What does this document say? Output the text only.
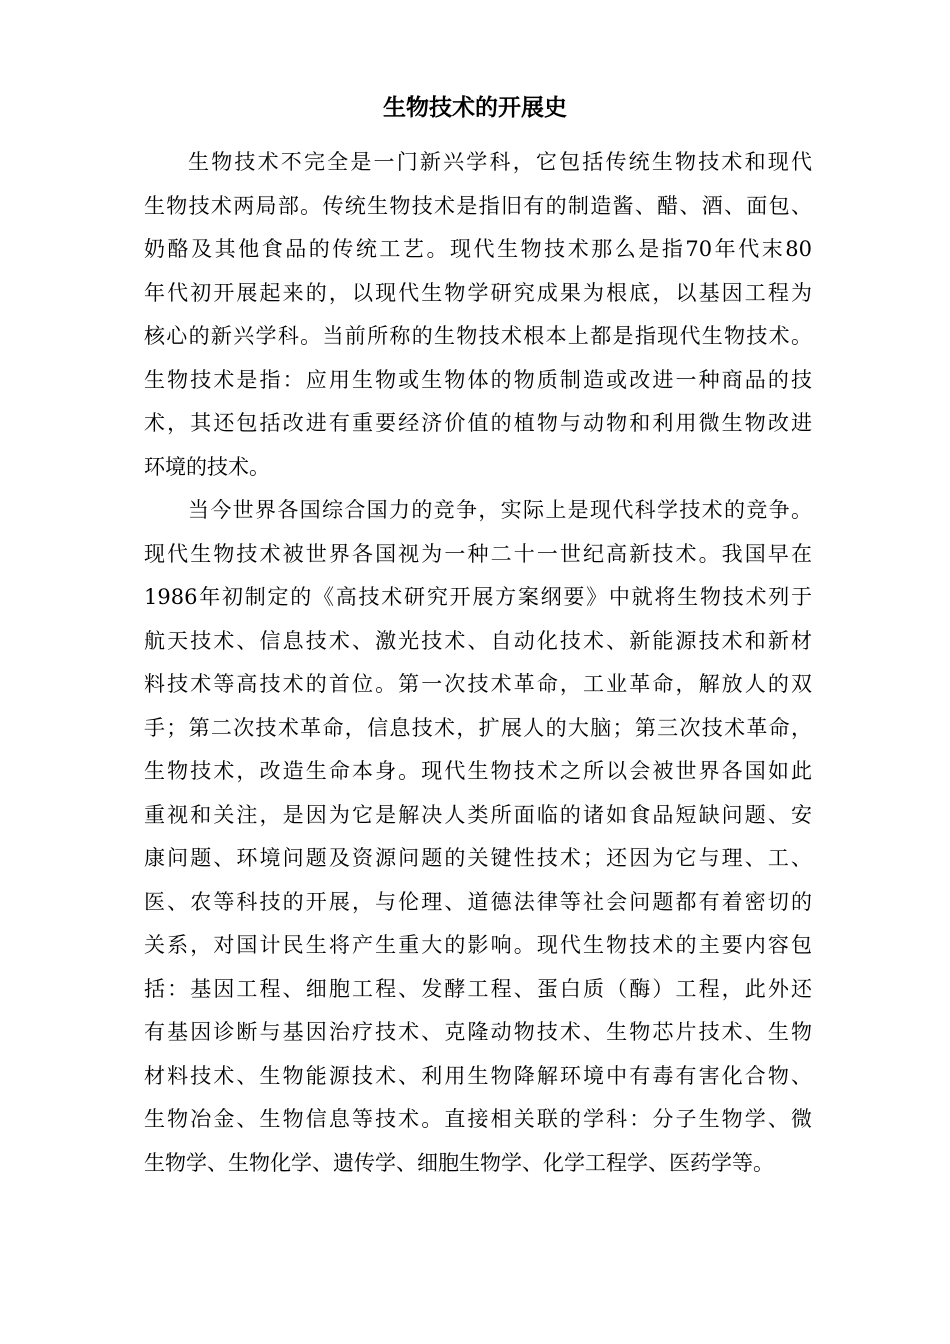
生物技术的开展史
生物技术不完全是一门新兴学科，它包括传统生物技术和现代
生物技术两局部。传统生物技术是指旧有的制造酱、醋、酒、面包、
奶酪及其他食品的传统工艺。现代生物技术那么是指70年代末80
年代初开展起来的，以现代生物学研究成果为根底，以基因工程为
核心的新兴学科。当前所称的生物技术根本上都是指现代生物技术。
生物技术是指：应用生物或生物体的物质制造或改进一种商品的技
术，其还包括改进有重要经济价值的植物与动物和利用微生物改进
环境的技术。
当今世界各国综合国力的竞争，实际上是现代科学技术的竞争。
现代生物技术被世界各国视为一种二十一世纪高新技术。我国早在
1986年初制定的《高技术研究开展方案纲要》中就将生物技术列于
航天技术、信息技术、激光技术、自动化技术、新能源技术和新材
料技术等高技术的首位。第一次技术革命，工业革命，解放人的双
手；第二次技术革命，信息技术，扩展人的大脑；第三次技术革命，
生物技术，改造生命本身。现代生物技术之所以会被世界各国如此
重视和关注，是因为它是解决人类所面临的诸如食品短缺问题、安
康问题、环境问题及资源问题的关键性技术；还因为它与理、工、
医、农等科技的开展，与伦理、道德法律等社会问题都有着密切的
关系，对国计民生将产生重大的影响。现代生物技术的主要内容包
括：基因工程、细胞工程、发酵工程、蛋白质（酶）工程，此外还
有基因诊断与基因治疗技术、克隆动物技术、生物芯片技术、生物
材料技术、生物能源技术、利用生物降解环境中有毒有害化合物、
生物冶金、生物信息等技术。直接相关联的学科：分子生物学、微
生物学、生物化学、遗传学、细胞生物学、化学工程学、医药学等。
